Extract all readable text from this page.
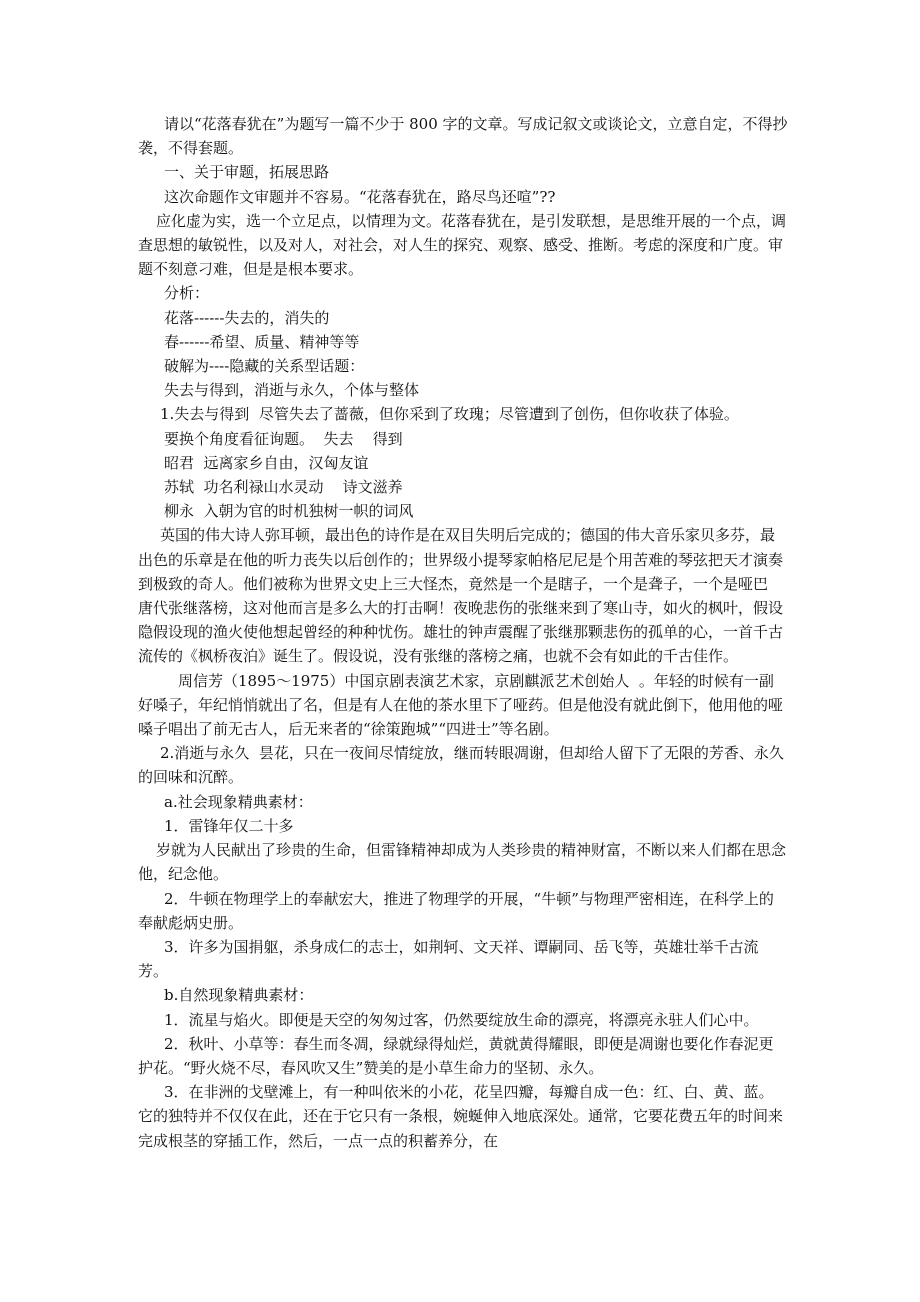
请以“花落春犹在”为题写一篇不少于 800 字的文章。写成记叙文或谈论文，立意自定，不得抄袭，不得套题。

一、关于审题，拓展思路

这次命题作文审题并不容易。“花落春犹在，路尽鸟还喧”??

应化虚为实，选一个立足点，以情理为文。花落春犹在，是引发联想，是思维开展的一个点，调查思想的敏锐性，以及对人，对社会，对人生的探究、观察、感受、推断。考虑的深度和广度。审题不刻意刁难，但是是根本要求。

分析：

花落------失去的，消失的

春------希望、质量、精神等等

破解为----隐藏的关系型话题：

失去与得到，消逝与永久，个体与整体

1.失去与得到  尽管失去了蔷薇，但你采到了玫瑰；尽管遭到了创伤，但你收获了体验。

要换个角度看征询题。  失去    得到

昭君  远离家乡自由，汉匈友谊

苏轼  功名利禄山水灵动    诗文滋养

柳永  入朝为官的时机独树一帜的词风

英国的伟大诗人弥耳顿，最出色的诗作是在双目失明后完成的；德国的伟大音乐家贝多芬，最出色的乐章是在他的听力丧失以后创作的；世界级小提琴家帕格尼尼是个用苦难的琴弦把天才演奏到极致的奇人。他们被称为世界文史上三大怪杰，竟然是一个是瞎子，一个是聋子，一个是哑巴  唐代张继落榜，这对他而言是多么大的打击啊！夜晚悲伤的张继来到了寒山寺，如火的枫叶，假设隐假设现的渔火使他想起曾经的种种忧伤。雄壮的钟声震醒了张继那颗悲伤的孤单的心，一首千古流传的《枫桥夜泊》诞生了。假设说，没有张继的落榜之痛，也就不会有如此的千古佳作。

周信芳（1895～1975）中国京剧表演艺术家，京剧麒派艺术创始人  。年轻的时候有一副好嗓子，年纪悄悄就出了名，但是有人在他的茶水里下了哑药。但是他没有就此倒下，他用他的哑嗓子唱出了前无古人，后无来者的“徐策跑城”“四进士”等名剧。

2.消逝与永久  昙花，只在一夜间尽情绽放，继而转眼凋谢，但却给人留下了无限的芳香、永久的回味和沉醉。

a.社会现象精典素材：

1．雷锋年仅二十多

岁就为人民献出了珍贵的生命，但雷锋精神却成为人类珍贵的精神财富，不断以来人们都在思念他，纪念他。

2．牛顿在物理学上的奉献宏大，推进了物理学的开展，“牛顿”与物理严密相连，在科学上的奉献彪炳史册。

3．许多为国捐躯，杀身成仁的志士，如荆轲、文天祥、谭嗣同、岳飞等，英雄壮举千古流芳。

b.自然现象精典素材：

1．流星与焰火。即便是天空的匆匆过客，仍然要绽放生命的漂亮，将漂亮永驻人们心中。

2．秋叶、小草等：春生而冬凋，绿就绿得灿烂，黄就黄得耀眼，即便是凋谢也要化作春泥更护花。“野火烧不尽，春风吹又生”赞美的是小草生命力的坚韧、永久。

3．在非洲的戈壁滩上，有一种叫依米的小花，花呈四瓣，每瓣自成一色：红、白、黄、蓝。它的独特并不仅仅在此，还在于它只有一条根，婉蜒伸入地底深处。通常，它要花费五年的时间来完成根茎的穿插工作，然后，一点一点的积蓄养分，在
